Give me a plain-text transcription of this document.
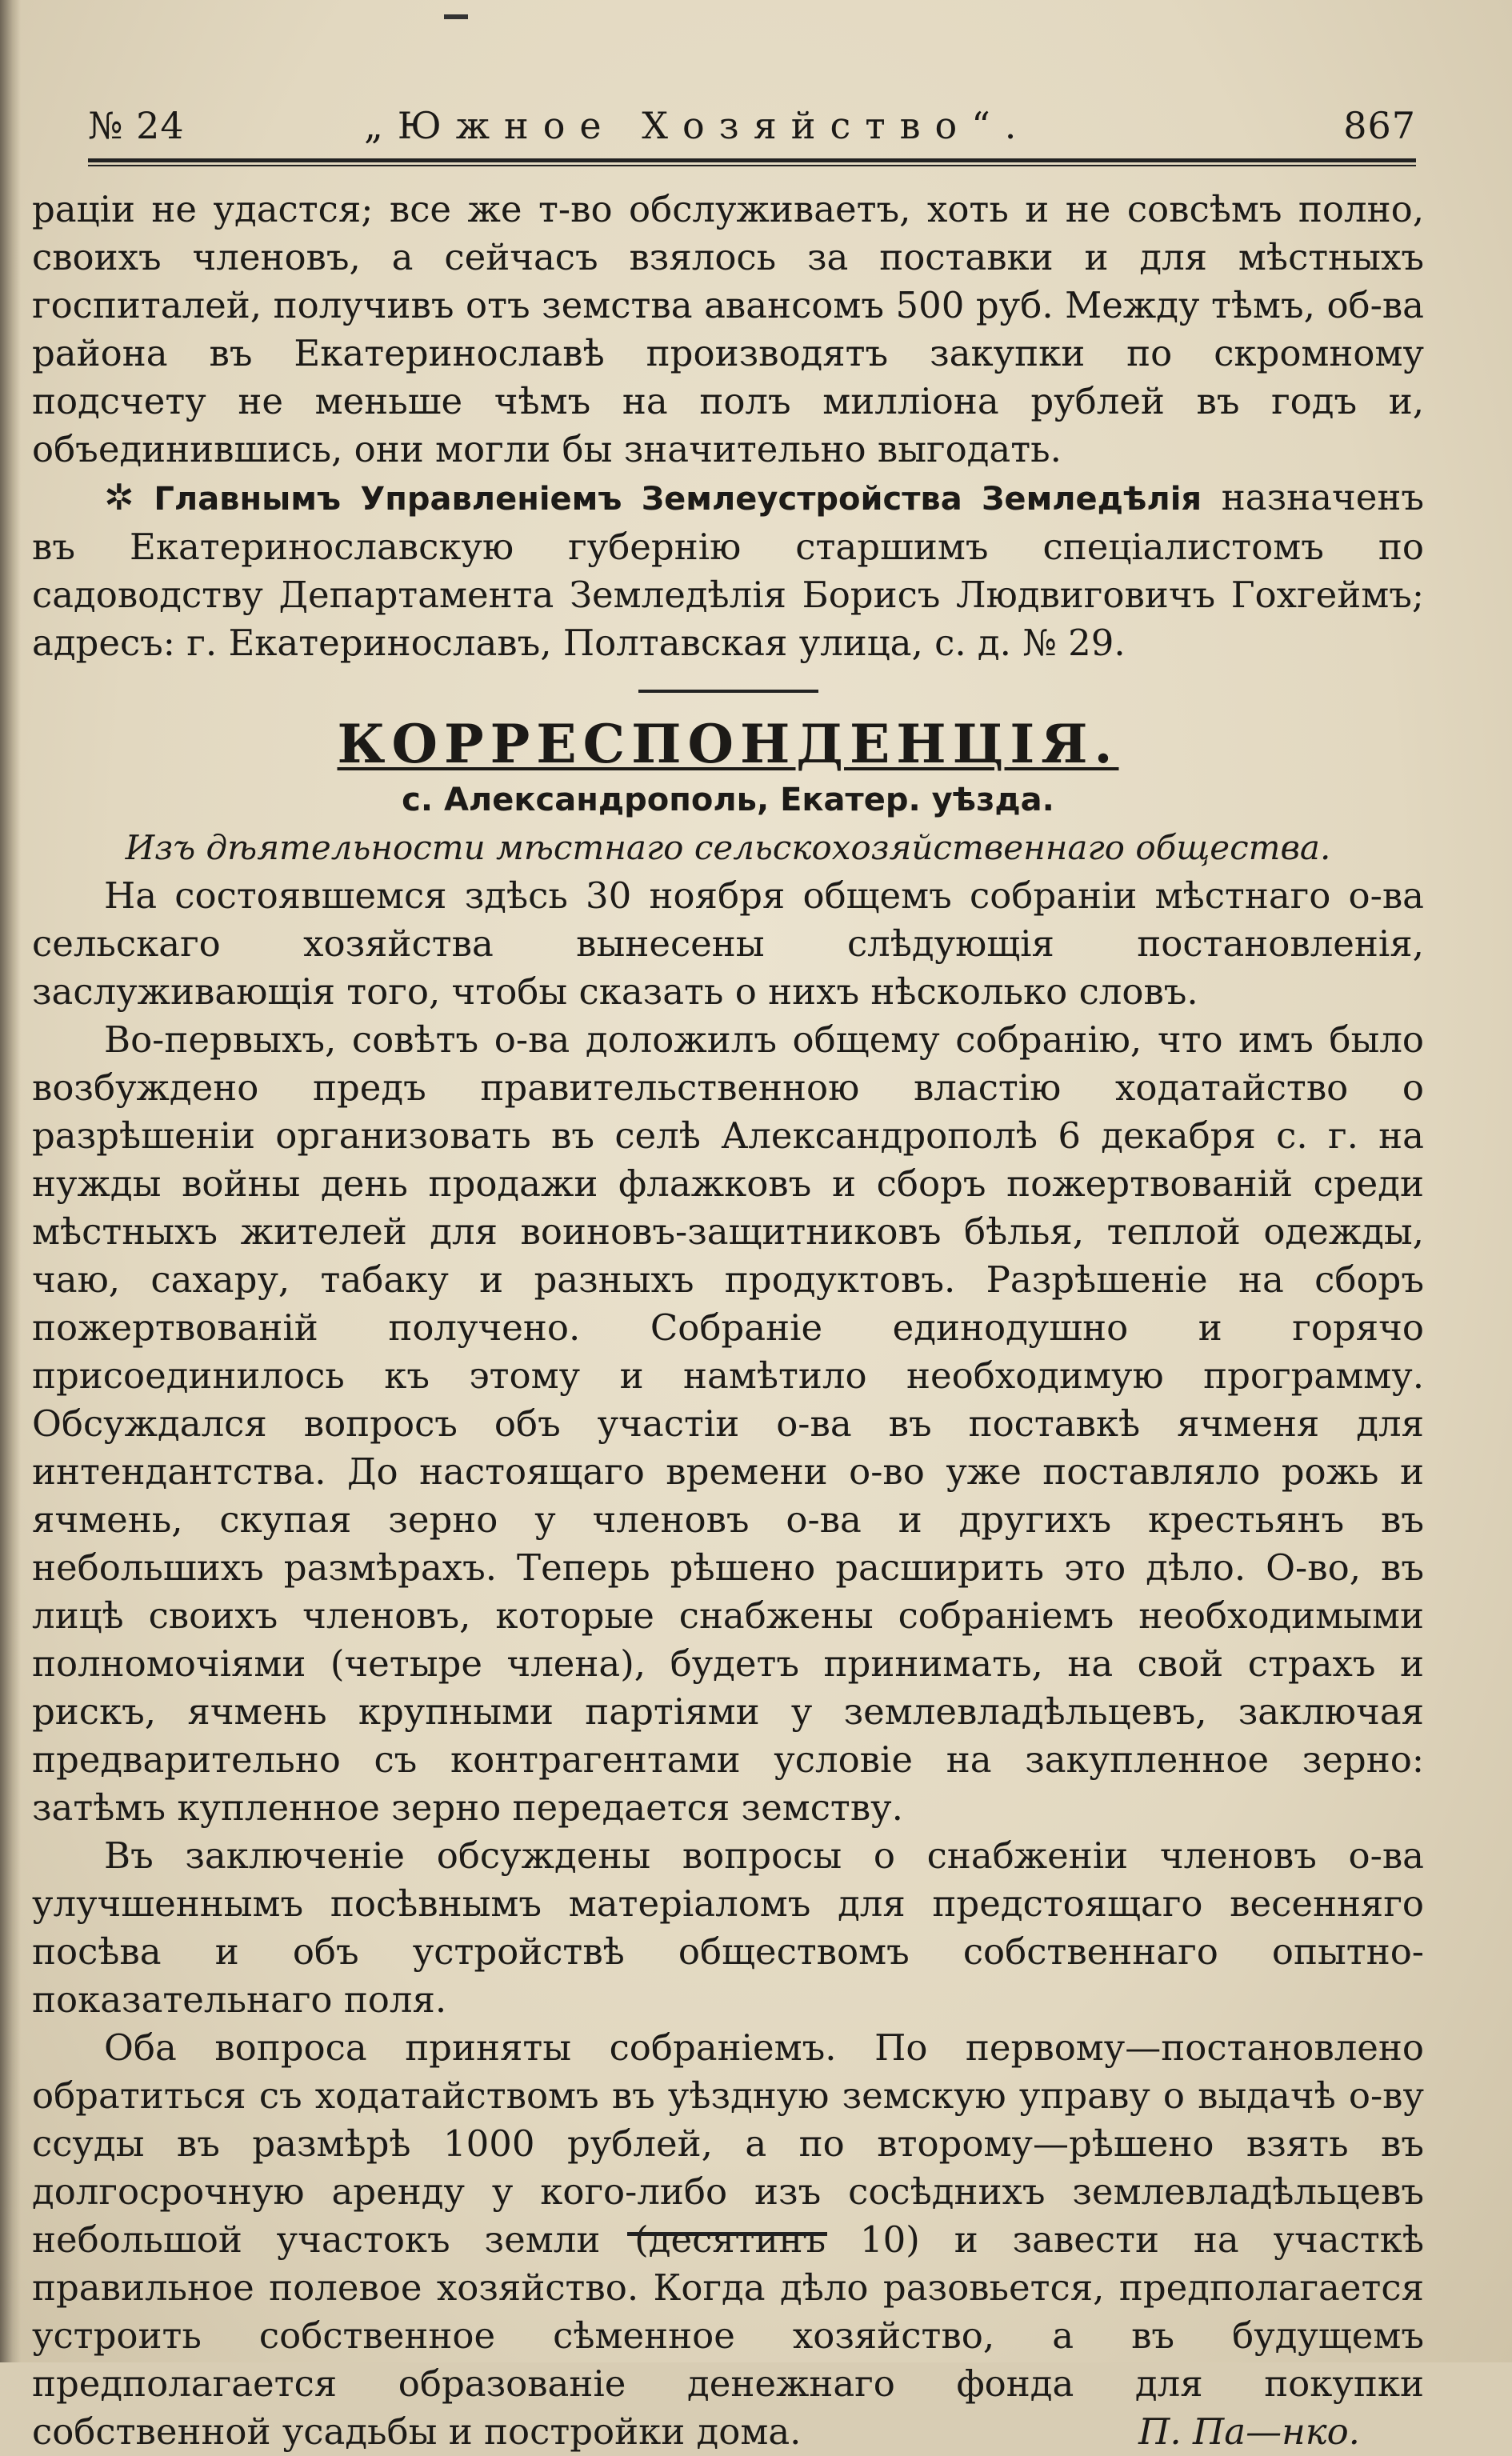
№ 24	„Южное Хозяйство“.	867

раціи не удастся; все же т-во обслуживаетъ, хоть и не совсѣмъ полно, своихъ членовъ, а сейчасъ взялось за поставки и для мѣстныхъ госпиталей, получивъ отъ земства авансомъ 500 руб. Между тѣмъ, об-ва района въ Екатеринославѣ производятъ закупки по скромному подсчету не меньше чѣмъ на полъ милліона рублей въ годъ и, объединившись, они могли бы значительно выгодать.

✲ Главнымъ Управленіемъ Землеустройства Земледѣлія назначенъ въ Екатеринославскую губернію старшимъ спеціалистомъ по садоводству Департамента Земледѣлія Борисъ Людвиговичъ Гохгеймъ; адресъ: г. Екатеринославъ, Полтавская улица, с. д. № 29.

КОРРЕСПОНДЕНЦІЯ.

с. Александрополь, Екатер. уѣзда.

Изъ дѣятельности мѣстнаго сельскохозяйственнаго общества.

На состоявшемся здѣсь 30 ноября общемъ собраніи мѣстнаго о-ва сельскаго хозяйства вынесены слѣдующія постановленія, заслуживающія того, чтобы сказать о нихъ нѣсколько словъ.

Во-первыхъ, совѣтъ о-ва доложилъ общему собранію, что имъ было возбуждено предъ правительственною властію ходатайство о разрѣшеніи организовать въ селѣ Александрополѣ 6 декабря с. г. на нужды войны день продажи флажковъ и сборъ пожертвованій среди мѣстныхъ жителей для воиновъ-защитниковъ бѣлья, теплой одежды, чаю, сахару, табаку и разныхъ продуктовъ. Разрѣшеніе на сборъ пожертвованій получено. Собраніе единодушно и горячо присоединилось къ этому и намѣтило необходимую программу. Обсуждался вопросъ объ участіи о-ва въ поставкѣ ячменя для интендантства. До настоящаго времени о-во уже поставляло рожь и ячмень, скупая зерно у членовъ о-ва и другихъ крестьянъ въ небольшихъ размѣрахъ. Теперь рѣшено расширить это дѣло. О-во, въ лицѣ своихъ членовъ, которые снабжены собраніемъ необходимыми полномочіями (четыре члена), будетъ принимать, на свой страхъ и рискъ, ячмень крупными партіями у землевладѣльцевъ, заключая предварительно съ контрагентами условіе на закупленное зерно: затѣмъ купленное зерно передается земству.

Въ заключеніе обсуждены вопросы о снабженіи членовъ о-ва улучшеннымъ посѣвнымъ матеріаломъ для предстоящаго весенняго посѣва и объ устройствѣ обществомъ собственнаго опытно-показательнаго поля.

Оба вопроса приняты собраніемъ. По первому—постановлено обратиться съ ходатайствомъ въ уѣздную земскую управу о выдачѣ о-ву ссуды въ размѣрѣ 1000 рублей, а по второму—рѣшено взять въ долгосрочную аренду у кого-либо изъ сосѣднихъ землевладѣльцевъ небольшой участокъ земли (десятинъ 10) и завести на участкѣ правильное полевое хозяйство. Когда дѣло разовьется, предполагается устроить собственное сѣменное хозяйство, а въ будущемъ предполагается образованіе денежнаго фонда для покупки собственной усадьбы и постройки дома.	П. Па—нко.
